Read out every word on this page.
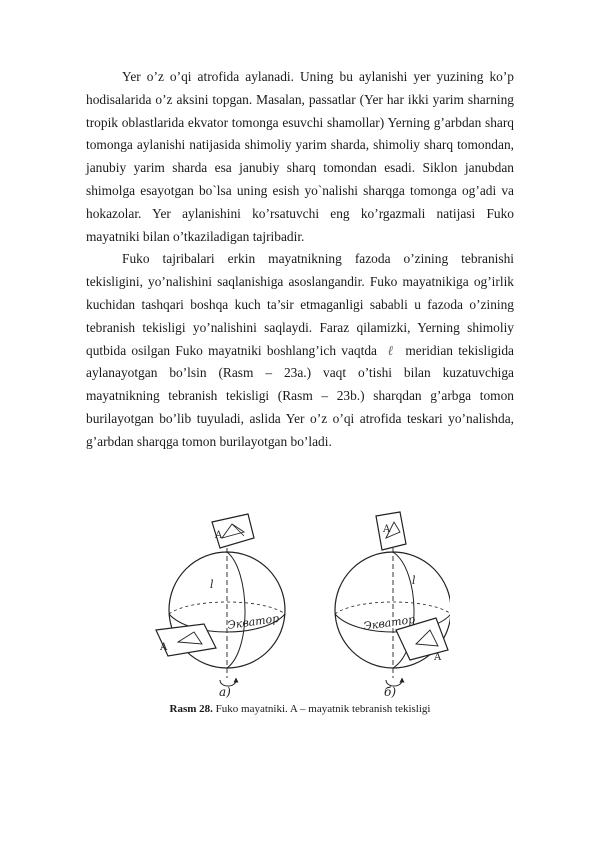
Yer o’z o’qi atrofida aylanadi. Uning bu aylanishi yer yuzining ko’p hodisalarida o’z aksini topgan. Masalan, passatlar (Yer har ikki yarim sharning tropik oblastlarida ekvator tomonga esuvchi shamollar) Yerning g’arbdan sharq tomonga aylanishi natijasida shimoliy yarim sharda, shimoliy sharq tomondan, janubiy yarim sharda esa janubiy sharq tomondan esadi. Siklon janubdan shimolga esayotgan bo`lsa uning esish yo`nalishi sharqga tomonga og’adi va hokazolar. Yer aylanishini ko’rsatuvchi eng ko’rgazmali natijasi Fuko mayatniki bilan o’tkaziladigan tajribadir.

Fuko tajribalari erkin mayatnikning fazoda o’zining tebranishi tekisligini, yo’nalishini saqlanishiga asoslangandir. Fuko mayatnikiga og’irlik kuchidan tashqari boshqa kuch ta’sir etmaganligi sababli u fazoda o’zining tebranish tekisligi yo’nalishini saqlaydi. Faraz qilamizki, Yerning shimoliy qutbida osilgan Fuko mayatniki boshlang’ich vaqtda ℓ meridian tekisligida aylanayotgan bo’lsin (Rasm – 23a.) vaqt o’tishi bilan kuzatuvchiga mayatnikning tebranish tekisligi (Rasm – 23b.) sharqdan g’arbga tomon burilayotgan bo’lib tuyuladi, aslida Yer o’z o’qi atrofida teskari yo’nalishda, g’arbdan sharqga tomon burilayotgan bo’ladi.

A
A
l
Экватор
a)
A
A
l
Экватор
б)
Rasm 28. Fuko mayatniki. A – mayatnik tebranish tekisligi
